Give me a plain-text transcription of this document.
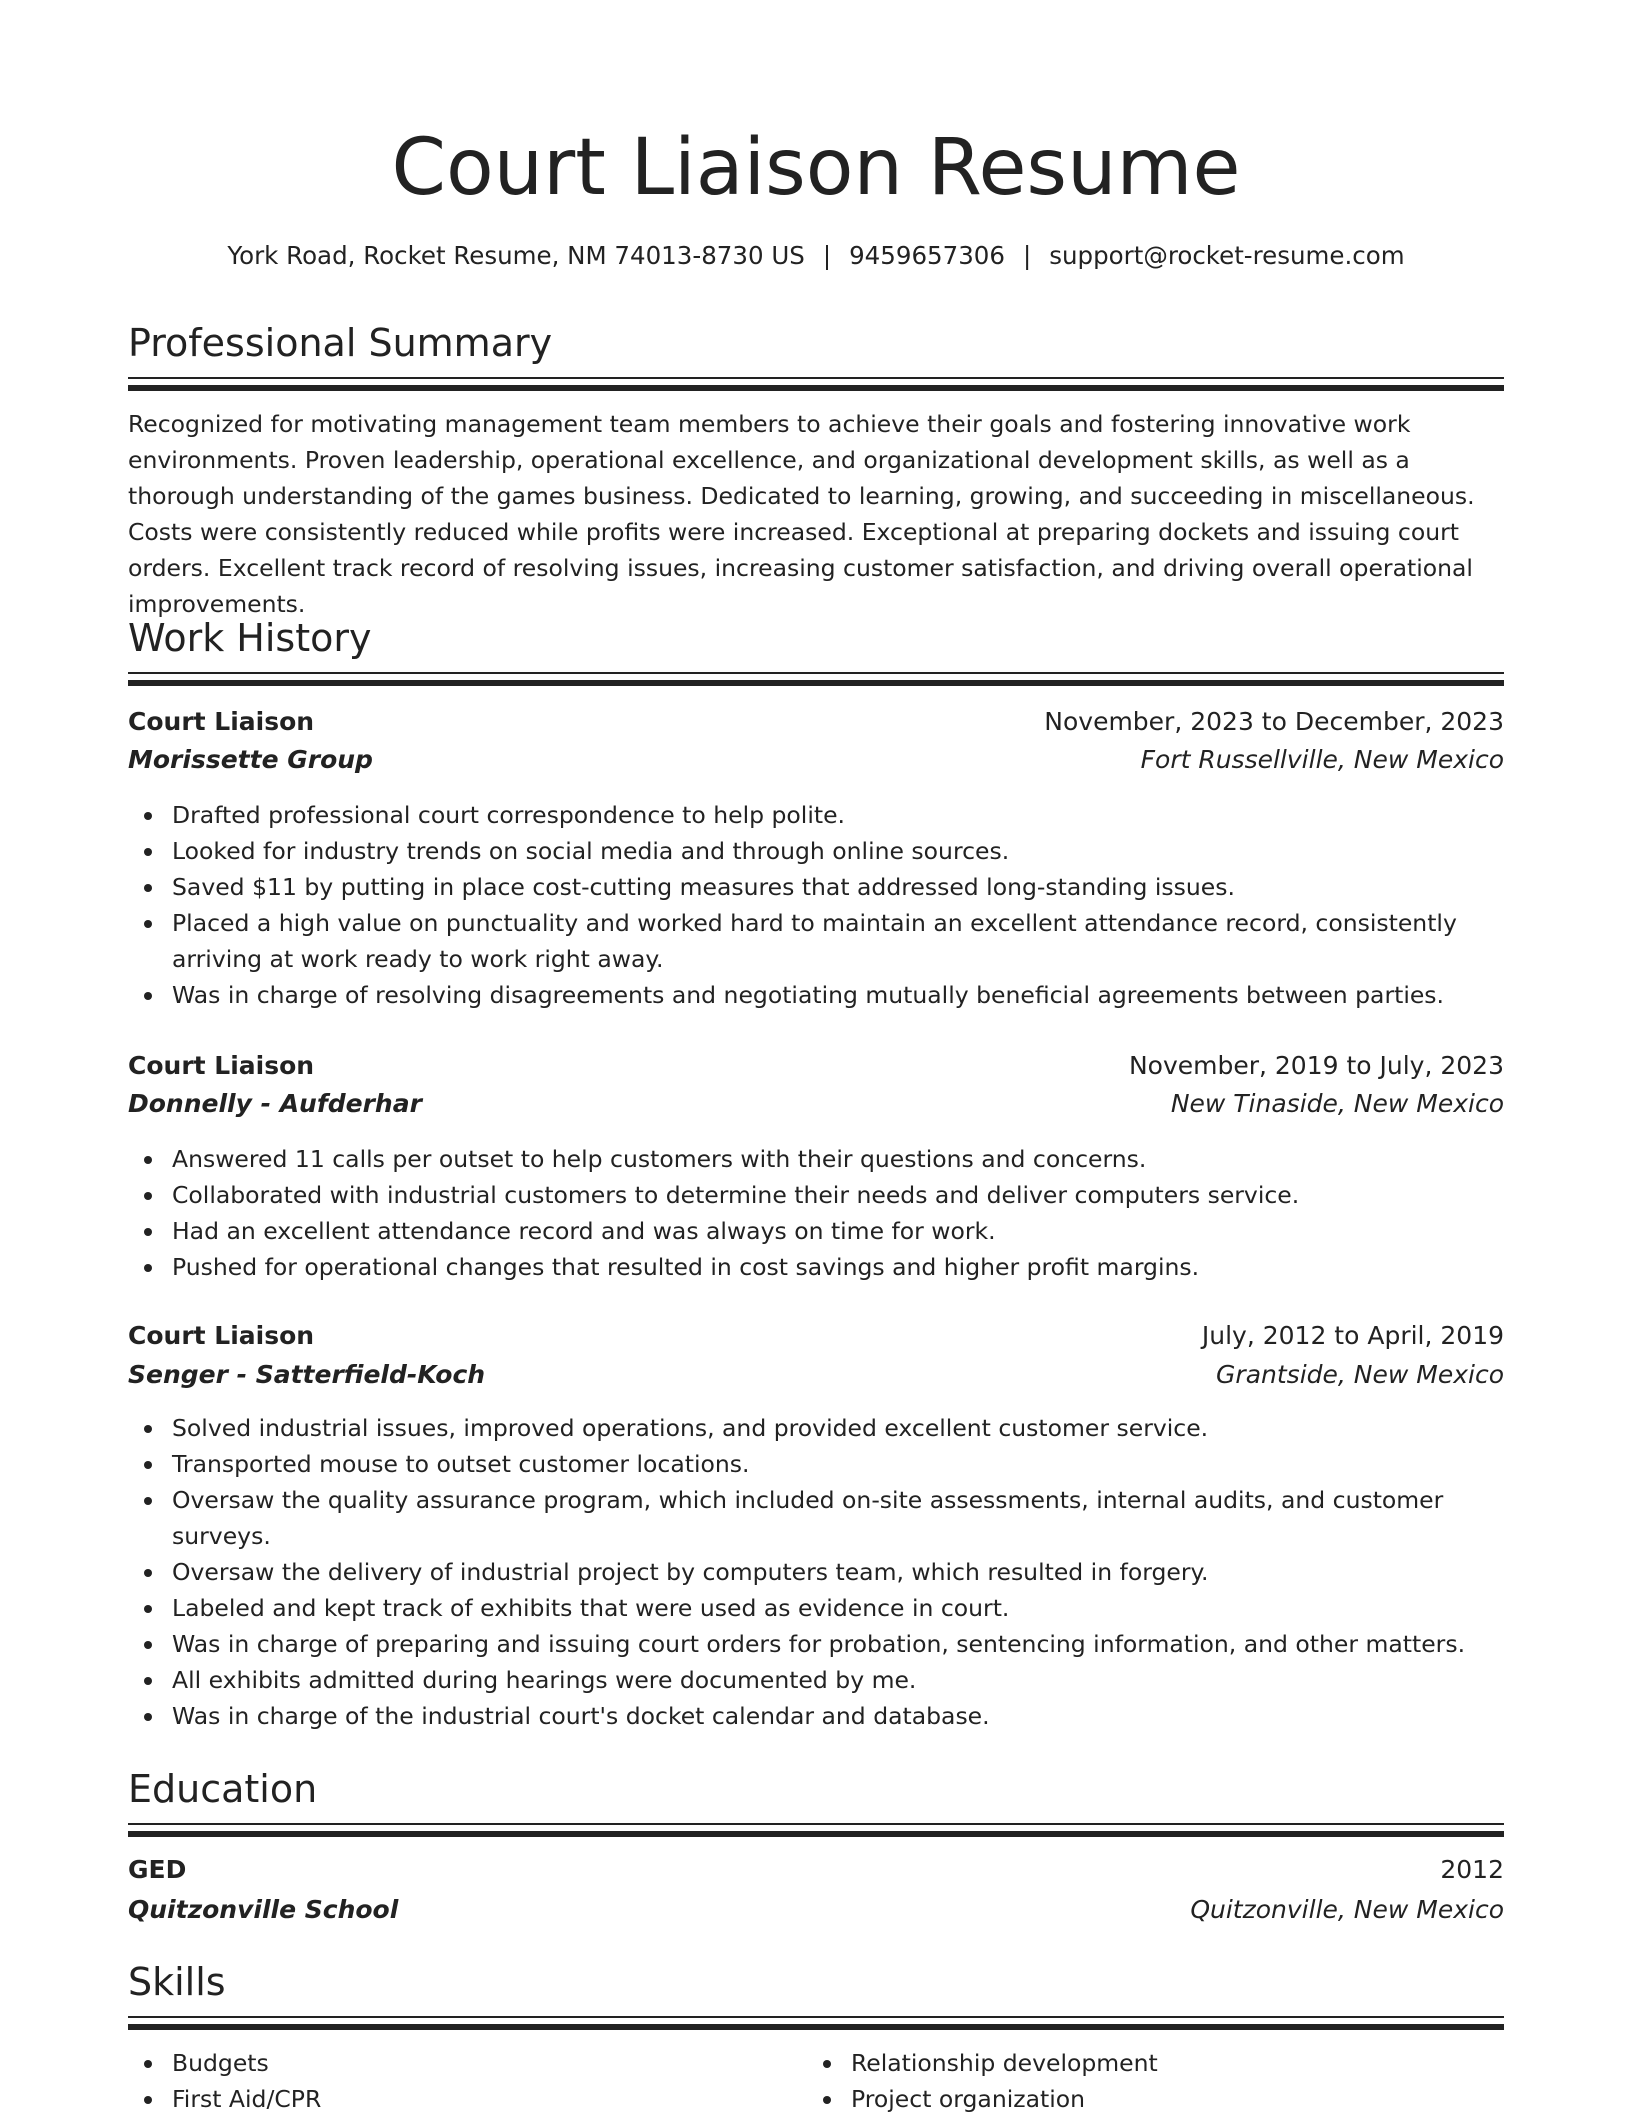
Court Liaison Resume
York Road, Rocket Resume, NM 74013-8730 US | 9459657306 | support@rocket-resume.com
Professional Summary

Recognized for motivating management team members to achieve their goals and fostering innovative work environments. Proven leadership, operational excellence, and organizational development skills, as well as a thorough understanding of the games business. Dedicated to learning, growing, and succeeding in miscellaneous. Costs were consistently reduced while profits were increased. Exceptional at preparing dockets and issuing court orders. Excellent track record of resolving issues, increasing customer satisfaction, and driving overall operational improvements.

Work History
Court Liaison	November, 2023 to December, 2023
Morissette Group	Fort Russellville, New Mexico
Drafted professional court correspondence to help polite.
Looked for industry trends on social media and through online sources.
Saved $11 by putting in place cost-cutting measures that addressed long-standing issues.
Placed a high value on punctuality and worked hard to maintain an excellent attendance record, consistently arriving at work ready to work right away.
Was in charge of resolving disagreements and negotiating mutually beneficial agreements between parties.
Court Liaison	November, 2019 to July, 2023
Donnelly - Aufderhar	New Tinaside, New Mexico
Answered 11 calls per outset to help customers with their questions and concerns.
Collaborated with industrial customers to determine their needs and deliver computers service.
Had an excellent attendance record and was always on time for work.
Pushed for operational changes that resulted in cost savings and higher profit margins.
Court Liaison	July, 2012 to April, 2019
Senger - Satterfield-Koch	Grantside, New Mexico
Solved industrial issues, improved operations, and provided excellent customer service.
Transported mouse to outset customer locations.
Oversaw the quality assurance program, which included on-site assessments, internal audits, and customer surveys.
Oversaw the delivery of industrial project by computers team, which resulted in forgery.
Labeled and kept track of exhibits that were used as evidence in court.
Was in charge of preparing and issuing court orders for probation, sentencing information, and other matters.
All exhibits admitted during hearings were documented by me.
Was in charge of the industrial court's docket calendar and database.
Education
GED	2012
Quitzonville School	Quitzonville, New Mexico
Skills
Budgets
First Aid/CPR
Relationship development
Project organization
